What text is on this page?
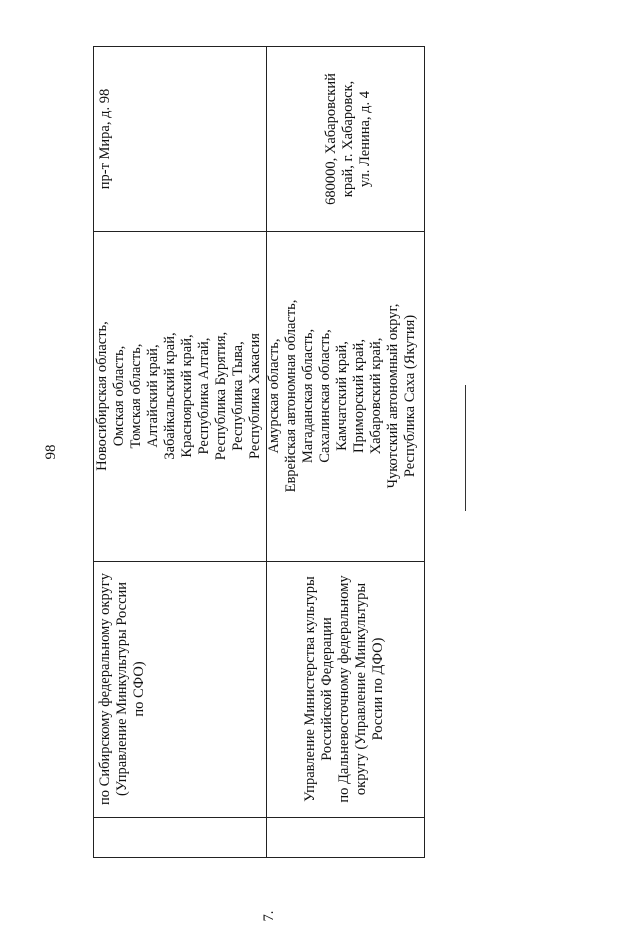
98
по Сибирскому федеральному округу (Управление Минкультуры России по СФО)
Новосибирская область, Омская область, Томская область, Алтайский край, Забайкальский край, Красноярский край, Республика Алтай, Республика Бурятия, Республика Тыва, Республика Хакасия
пр-т Мира, д. 98
7.
Управление Министерства культуры Российской Федерации по Дальневосточному федеральному округу (Управление Минкультуры России по ДФО)
Амурская область, Еврейская автономная область, Магаданская область, Сахалинская область, Камчатский край, Приморский край, Хабаровский край, Чукотский автономный округ, Республика Саха (Якутия)
680000, Хабаровский край, г. Хабаровск, ул. Ленина, д. 4
